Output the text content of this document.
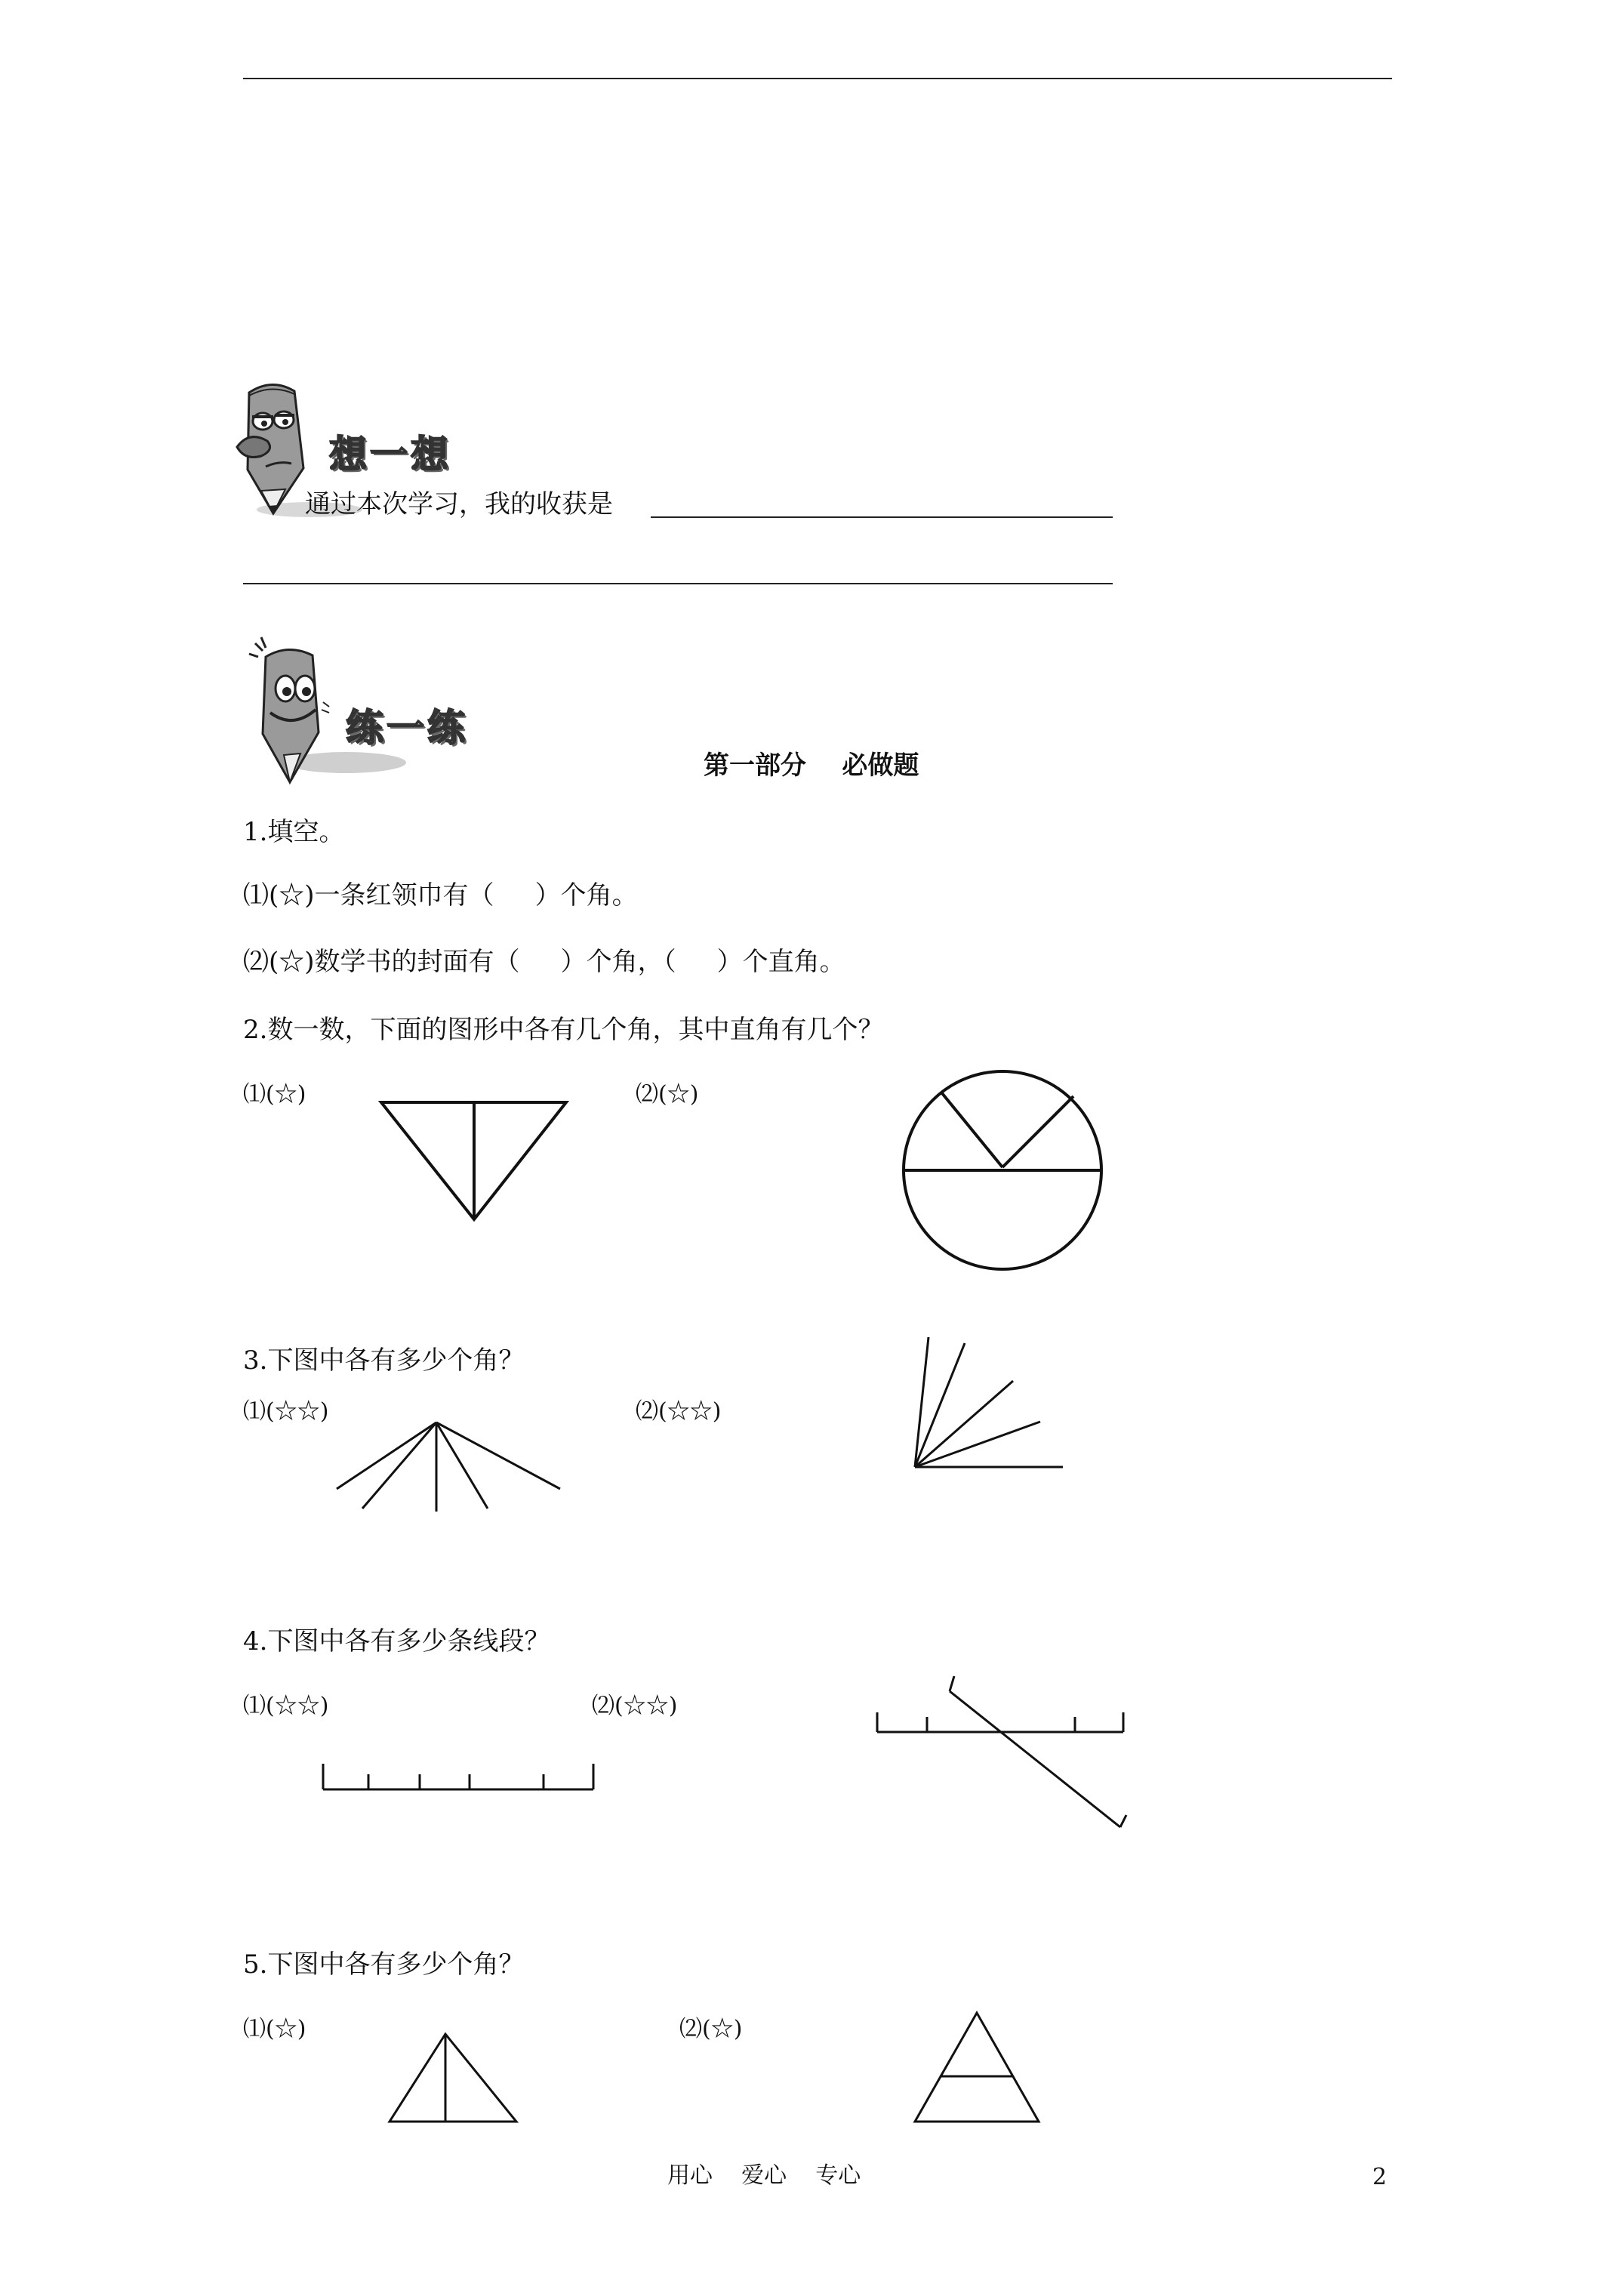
想一想
通过本次学习，我的收获是
练一练
第一部分    必做题
1.填空。
⑴(☆)一条红领巾有（     ）个角。
⑵(☆)数学书的封面有（     ）个角，（     ）个直角。
2.数一数，下面的图形中各有几个角，其中直角有几个？
⑴(☆)	⑵(☆)
3.下图中各有多少个角？
⑴(☆☆)	⑵(☆☆)
4.下图中各有多少条线段？
⑴(☆☆)	⑵(☆☆)
5.下图中各有多少个角？
⑴(☆)	⑵(☆)
用心    爱心    专心	2
